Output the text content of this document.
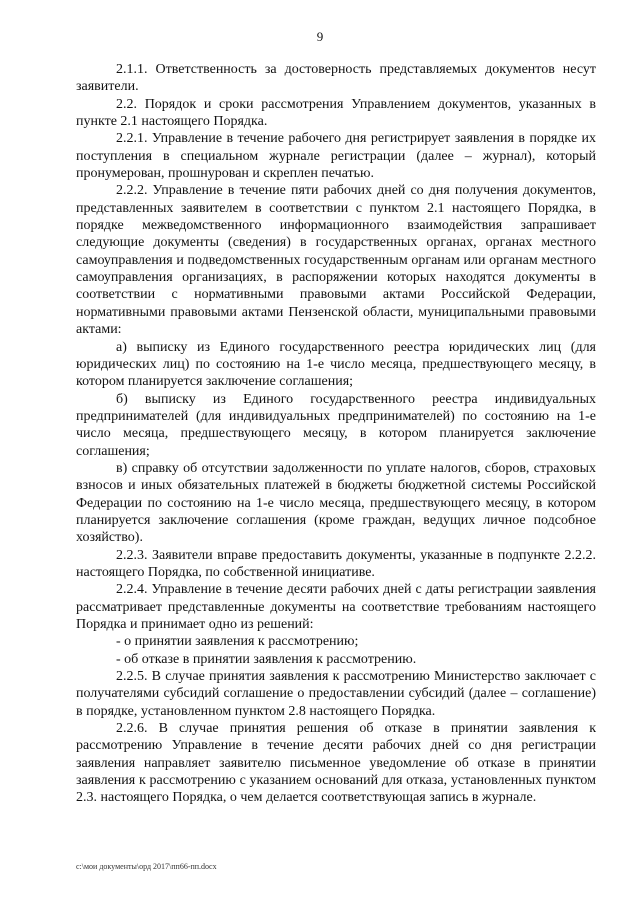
9

2.1.1. Ответственность за достоверность представляемых документов несут заявители.

2.2. Порядок и сроки рассмотрения Управлением документов, указанных в пункте 2.1 настоящего Порядка.

2.2.1. Управление в течение рабочего дня регистрирует заявления в порядке их поступления в специальном журнале регистрации (далее – журнал), который пронумерован, прошнурован и скреплен печатью.

2.2.2. Управление в течение пяти рабочих дней со дня получения документов, представленных заявителем в соответствии с пунктом 2.1 настоящего Порядка, в порядке межведомственного информационного взаимодействия запрашивает следующие документы (сведения) в государственных органах, органах местного самоуправления и подведомственных государственным органам или органам местного самоуправления организациях, в распоряжении которых находятся документы в соответствии с нормативными правовыми актами Российской Федерации, нормативными правовыми актами Пензенской области, муниципальными правовыми актами:

а) выписку из Единого государственного реестра юридических лиц (для юридических лиц) по состоянию на 1-е число месяца, предшествующего месяцу, в котором планируется заключение соглашения;

б) выписку из Единого государственного реестра индивидуальных предпринимателей (для индивидуальных предпринимателей) по состоянию на 1-е число месяца, предшествующего месяцу, в котором планируется заключение соглашения;

в) справку об отсутствии задолженности по уплате налогов, сборов, страховых взносов и иных обязательных платежей в бюджеты бюджетной системы Российской Федерации по состоянию на 1-е число месяца, предшествующего месяцу, в котором планируется заключение соглашения (кроме граждан, ведущих личное подсобное хозяйство).

2.2.3. Заявители вправе предоставить документы, указанные в подпункте 2.2.2. настоящего Порядка, по собственной инициативе.

2.2.4. Управление в течение десяти рабочих дней с даты регистрации заявления рассматривает представленные документы на соответствие требованиям настоящего Порядка и принимает одно из решений:

- о принятии заявления к рассмотрению;

- об отказе в принятии заявления к рассмотрению.

2.2.5. В случае принятия заявления к рассмотрению Министерство заключает с получателями субсидий соглашение о предоставлении субсидий (далее – соглашение) в порядке, установленном пунктом 2.8 настоящего Порядка.

2.2.6. В случае принятия решения об отказе в принятии заявления к рассмотрению Управление в течение десяти рабочих дней со дня регистрации заявления направляет заявителю письменное уведомление об отказе в принятии заявления к рассмотрению с указанием оснований для отказа, установленных пунктом 2.3. настоящего Порядка, о чем делается соответствующая запись в журнале.

c:\мои документы\орд 2017\пп66-пп.docx
